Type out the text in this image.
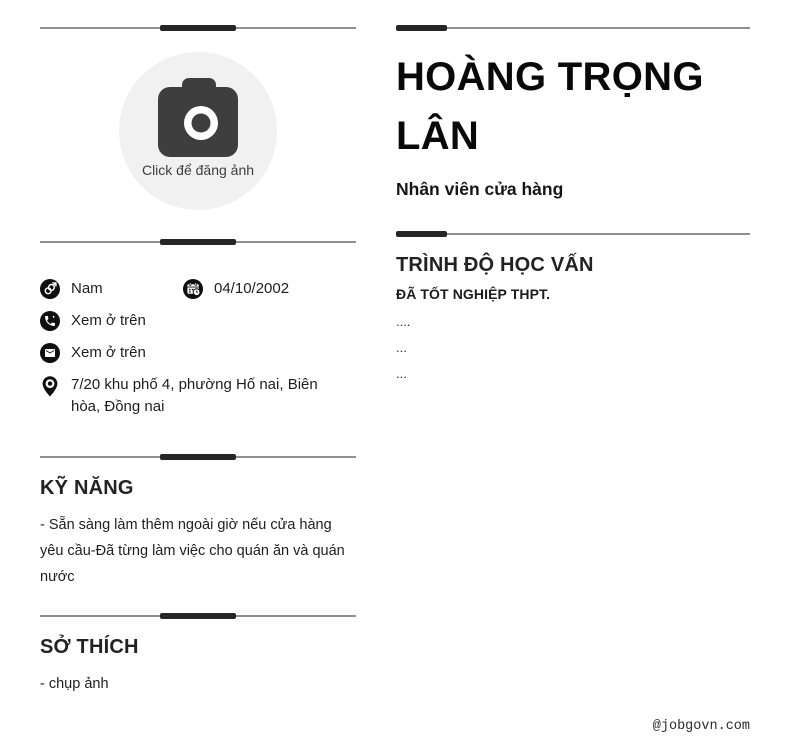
Click để đăng ảnh
Nam	04/10/2002
Xem ở trên
Xem ở trên
7/20 khu phố 4, phường Hố nai, Biên hòa, Đồng nai
KỸ NĂNG

- Sẵn sàng làm thêm ngoài giờ nếu cửa hàng yêu cầu-Đã từng làm việc cho quán ăn và quán nước

SỞ THÍCH

- chụp ảnh

HOÀNG TRỌNG LÂN
Nhân viên cửa hàng
TRÌNH ĐỘ HỌC VẤN

ĐÃ TỐT NGHIỆP THPT.

....

...

...

@jobgovn.com
